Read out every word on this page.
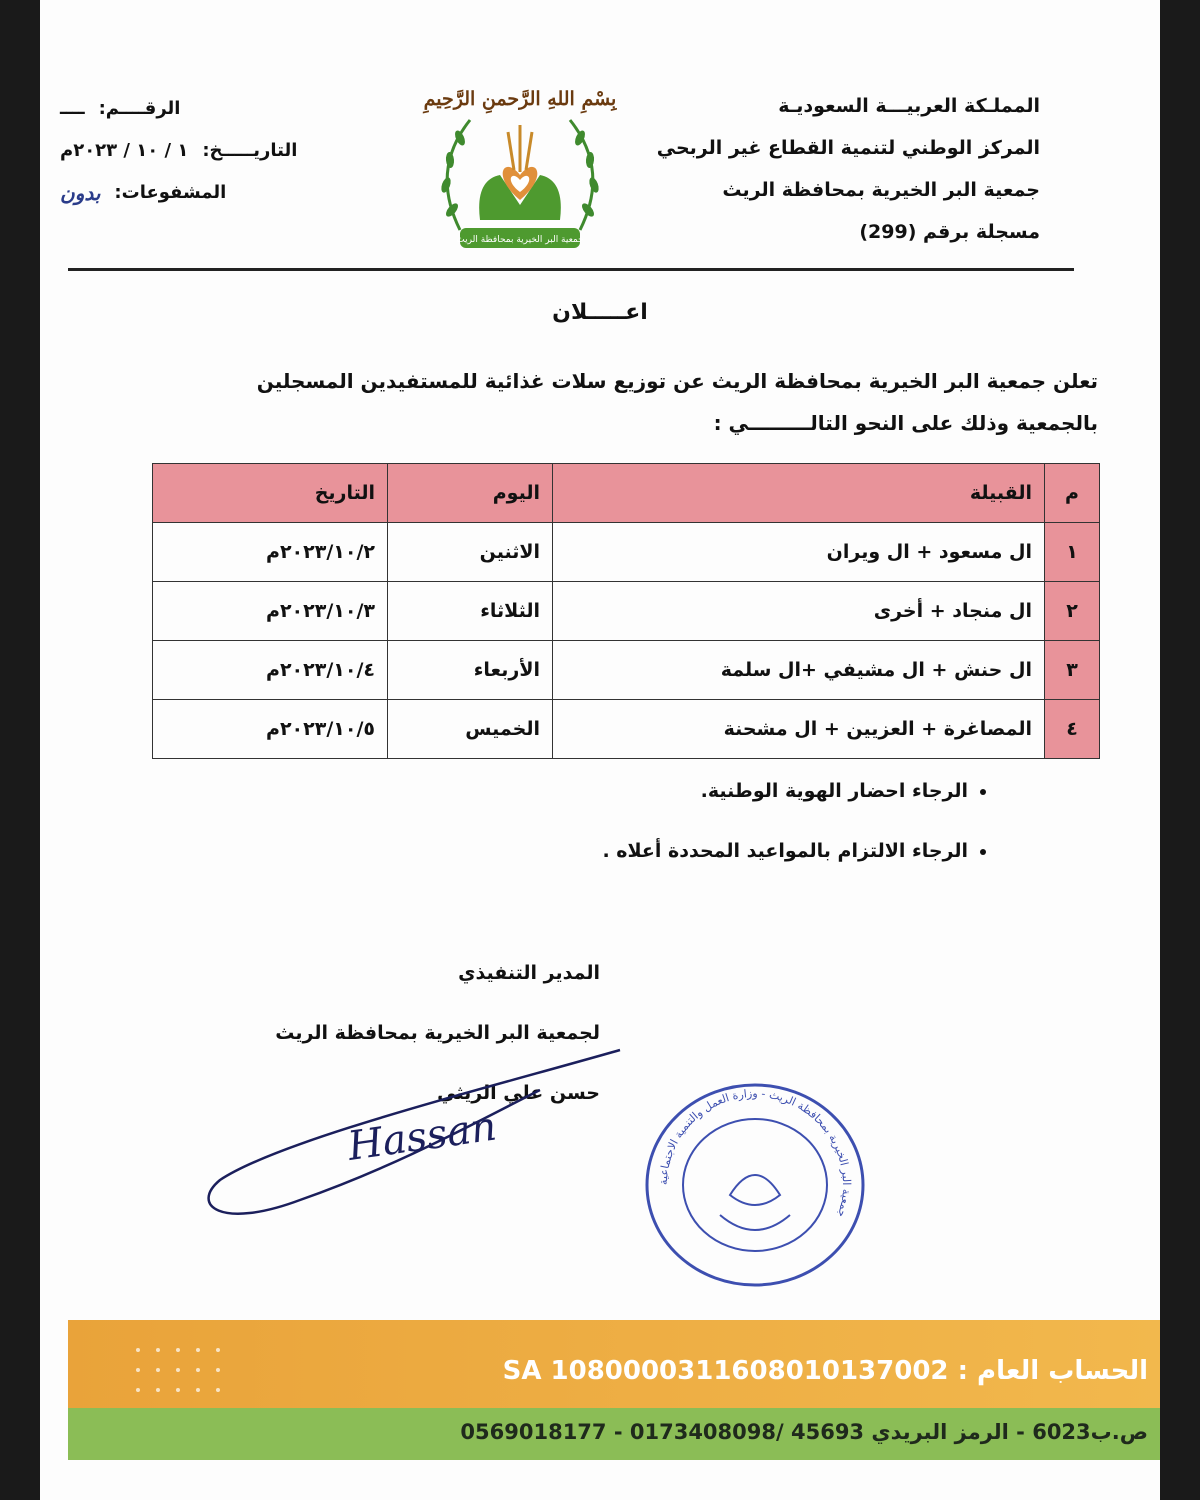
المملـكة العربيـــة السعوديـة
المركز الوطني لتنمية القطاع غير الربحي
جمعية البر الخيرية بمحافظة الريث
مسجلة برقم (299)
بِسْمِ اللهِ الرَّحمنِ الرَّحِيمِ
جمعية البر الخيرية بمحافظة الريث
الرقــــم:
ــــ
التاريـــــخ:
١ / ١٠ / ٢٠٢٣م
المشفوعات:
بدون
اعـــــلان
تعلن جمعية البر الخيرية بمحافظة الريث عن توزيع سلات غذائية للمستفيدين المسجلين بالجمعية وذلك على النحو التالـــــــــي :
م	القبيلة	اليوم	التاريخ
١	ال مسعود + ال ويران	الاثنين	٢٠٢٣/١٠/٢م
٢	ال منجاد + أخرى	الثلاثاء	٢٠٢٣/١٠/٣م
٣	ال حنش + ال مشيفي +ال سلمة	الأربعاء	٢٠٢٣/١٠/٤م
٤	المصاغرة + العزيين + ال مشحنة	الخميس	٢٠٢٣/١٠/٥م
• الرجاء احضار الهوية الوطنية.
• الرجاء الالتزام بالمواعيد المحددة أعلاه .
المدير التنفيذي
لجمعية البر الخيرية بمحافظة الريث
حسن علي الريثي
Hassan
جمعية البر الخيرية بمحافظة الريث - وزارة العمل والتنمية الاجتماعية
الحساب العام : SA 1080000311608010137002
ص.ب6023 - الرمز البريدي 45693 /0173408098 - 0569018177
